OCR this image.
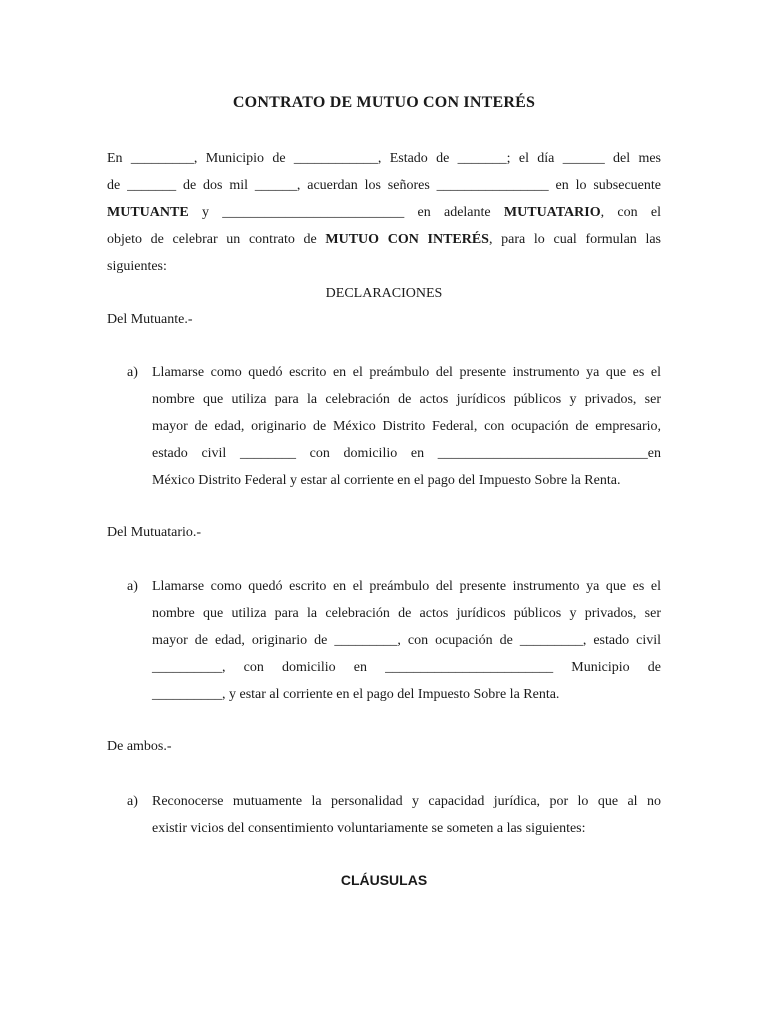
CONTRATO DE MUTUO CON INTERÉS
En _________, Municipio de ____________, Estado de _______; el día ______ del mes
de _______ de dos mil ______, acuerdan los señores ________________ en lo subsecuente
MUTUANTE y __________________________ en adelante MUTUATARIO, con el
objeto de celebrar un contrato de MUTUO CON INTERÉS, para lo cual formulan las
siguientes:
DECLARACIONES
Del Mutuante.-
a) Llamarse como quedó escrito en el preámbulo del presente instrumento ya que es el
nombre que utiliza para la celebración de actos jurídicos públicos y privados, ser
mayor de edad, originario de México Distrito Federal, con ocupación de empresario,
estado civil ________ con domicilio en ______________________________en
México Distrito Federal y estar al corriente en el pago del Impuesto Sobre la Renta.
Del Mutuatario.-
a) Llamarse como quedó escrito en el preámbulo del presente instrumento ya que es el
nombre que utiliza para la celebración de actos jurídicos públicos y privados, ser
mayor de edad, originario de _________, con ocupación de _________, estado civil
__________, con domicilio en ________________________ Municipio de
__________, y estar al corriente en el pago del Impuesto Sobre la Renta.
De ambos.-
a) Reconocerse mutuamente la personalidad y capacidad jurídica, por lo que al no
existir vicios del consentimiento voluntariamente se someten a las siguientes:
CLÁUSULAS
